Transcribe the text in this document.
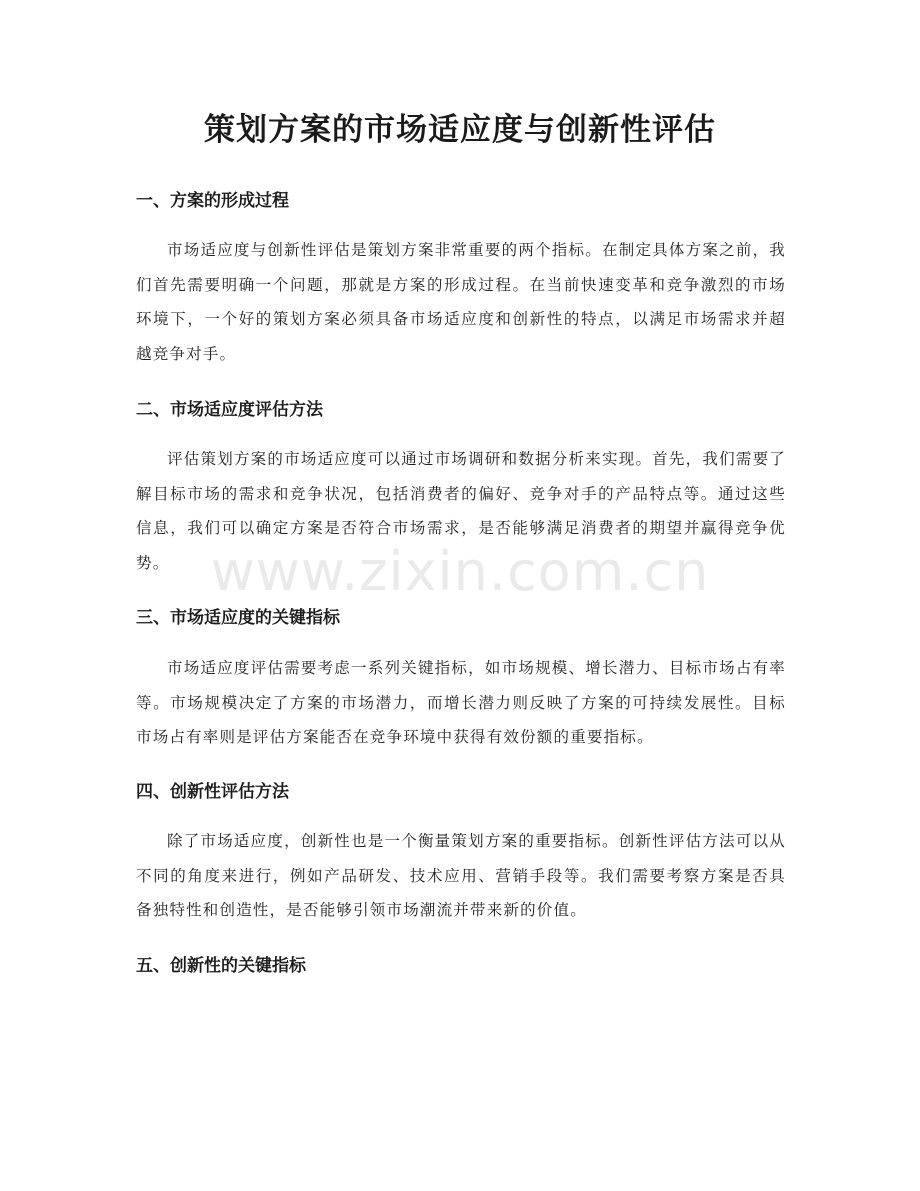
策划方案的市场适应度与创新性评估
一、方案的形成过程

市场适应度与创新性评估是策划方案非常重要的两个指标。在制定具体方案之前，我们首先需要明确一个问题，那就是方案的形成过程。在当前快速变革和竞争激烈的市场环境下，一个好的策划方案必须具备市场适应度和创新性的特点，以满足市场需求并超越竞争对手。

二、市场适应度评估方法

评估策划方案的市场适应度可以通过市场调研和数据分析来实现。首先，我们需要了解目标市场的需求和竞争状况，包括消费者的偏好、竞争对手的产品特点等。通过这些信息，我们可以确定方案是否符合市场需求，是否能够满足消费者的期望并赢得竞争优势。

三、市场适应度的关键指标

市场适应度评估需要考虑一系列关键指标，如市场规模、增长潜力、目标市场占有率等。市场规模决定了方案的市场潜力，而增长潜力则反映了方案的可持续发展性。目标市场占有率则是评估方案能否在竞争环境中获得有效份额的重要指标。

四、创新性评估方法

除了市场适应度，创新性也是一个衡量策划方案的重要指标。创新性评估方法可以从不同的角度来进行，例如产品研发、技术应用、营销手段等。我们需要考察方案是否具备独特性和创造性，是否能够引领市场潮流并带来新的价值。

五、创新性的关键指标
www.zixin.com.cn
